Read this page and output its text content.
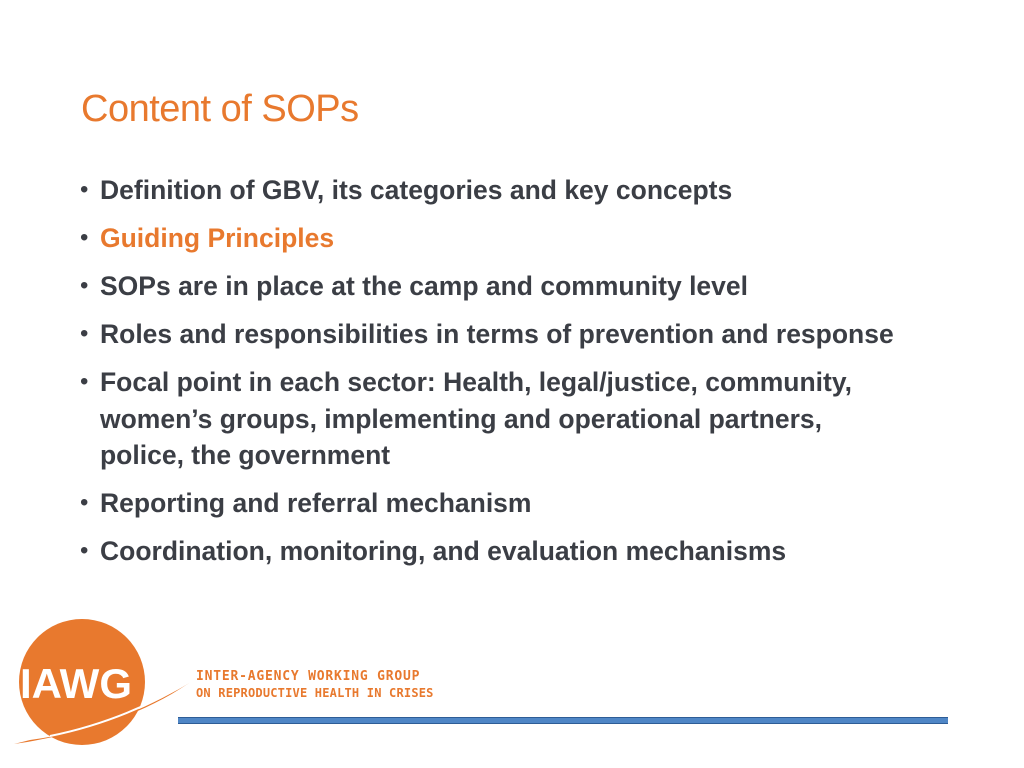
Content of SOPs
• Definition of GBV, its categories and key concepts
• Guiding Principles
• SOPs are in place at the camp and community level
• Roles and responsibilities in terms of prevention and response
• Focal point in each sector: Health, legal/justice, community, women’s groups, implementing and operational partners, police, the government
• Reporting and referral mechanism
• Coordination, monitoring, and evaluation mechanisms
IAWG	INTER-AGENCY WORKING GROUP
ON REPRODUCTIVE HEALTH IN CRISES
